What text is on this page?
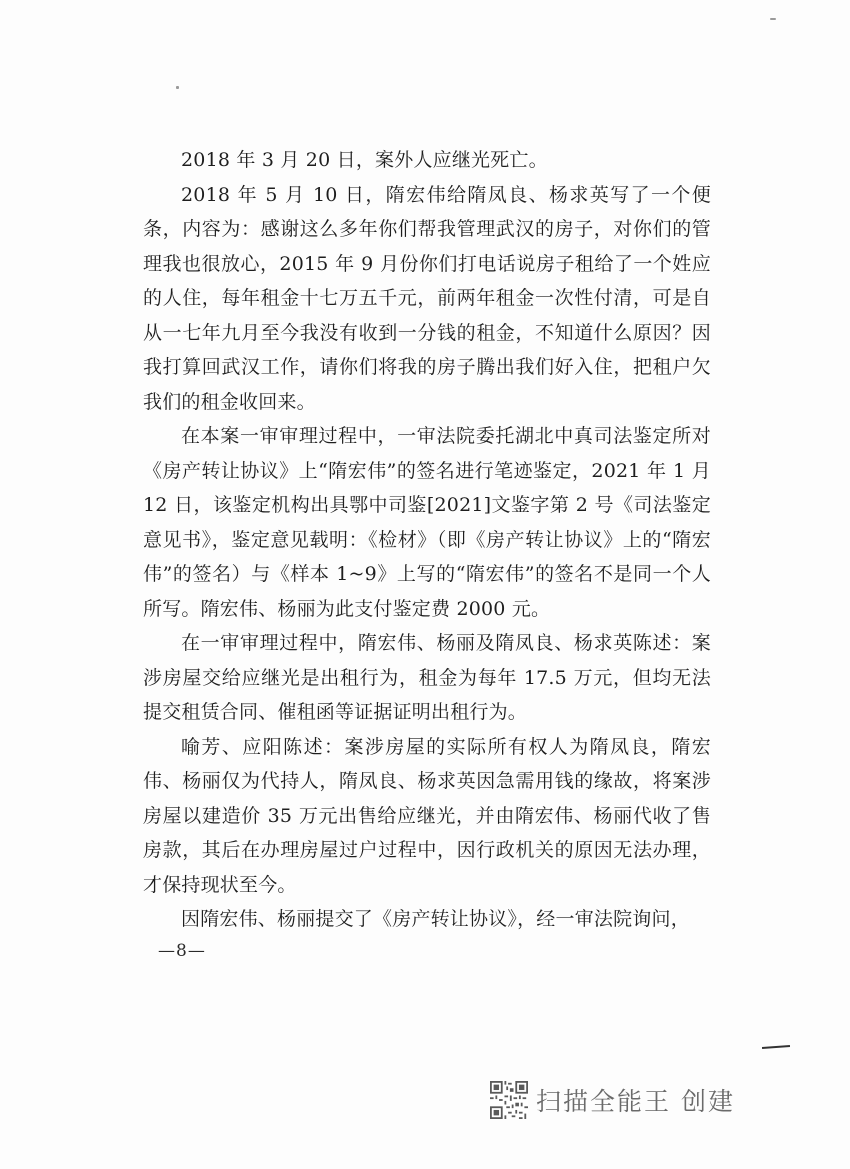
2018 年 3 月 20 日，案外人应继光死亡。

2018 年 5 月 10 日，隋宏伟给隋凤良、杨求英写了一个便条，内容为：感谢这么多年你们帮我管理武汉的房子，对你们的管理我也很放心，2015 年 9 月份你们打电话说房子租给了一个姓应的人住，每年租金十七万五千元，前两年租金一次性付清，可是自从一七年九月至今我没有收到一分钱的租金，不知道什么原因？因我打算回武汉工作，请你们将我的房子腾出我们好入住，把租户欠我们的租金收回来。

在本案一审审理过程中，一审法院委托湖北中真司法鉴定所对《房产转让协议》上“隋宏伟”的签名进行笔迹鉴定，2021 年 1 月 12 日，该鉴定机构出具鄂中司鉴[2021]文鉴字第 2 号《司法鉴定意见书》，鉴定意见载明：《检材》（即《房产转让协议》上的“隋宏伟”的签名）与《样本 1~9》上写的“隋宏伟”的签名不是同一个人所写。隋宏伟、杨丽为此支付鉴定费 2000 元。

在一审审理过程中，隋宏伟、杨丽及隋凤良、杨求英陈述：案涉房屋交给应继光是出租行为，租金为每年 17.5 万元，但均无法提交租赁合同、催租函等证据证明出租行为。

喻芳、应阳陈述：案涉房屋的实际所有权人为隋凤良，隋宏伟、杨丽仅为代持人，隋凤良、杨求英因急需用钱的缘故，将案涉房屋以建造价 35 万元出售给应继光，并由隋宏伟、杨丽代收了售房款，其后在办理房屋过户过程中，因行政机关的原因无法办理，才保持现状至今。

因隋宏伟、杨丽提交了《房产转让协议》，经一审法院询问，

—8—
扫描全能王 创建
